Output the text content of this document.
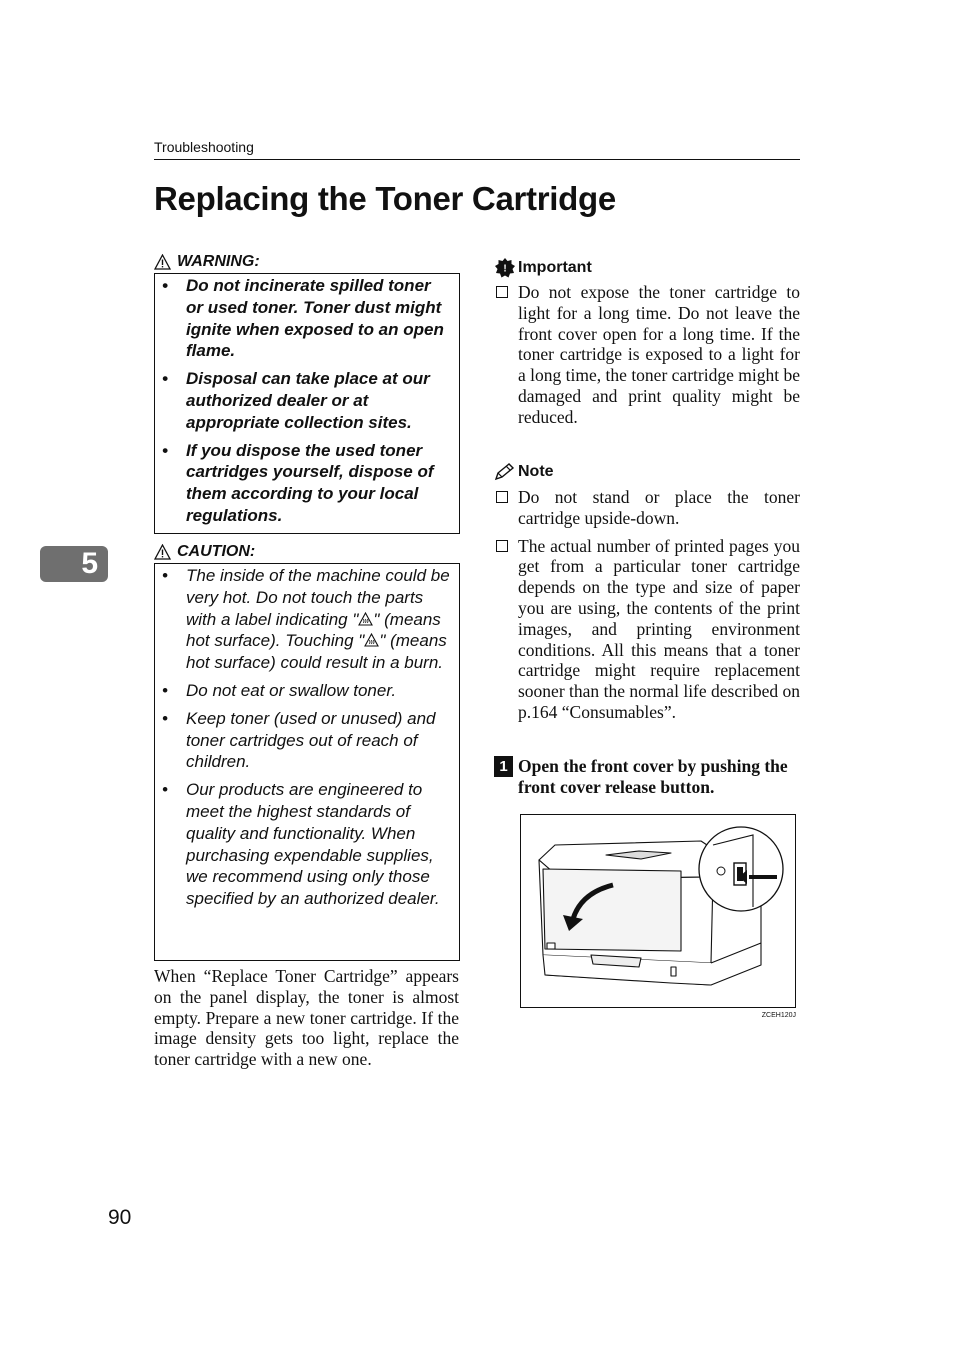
Troubleshooting
Replacing the Toner Cartridge
5
WARNING:
• Do not incinerate spilled toner or used toner. Toner dust might ignite when exposed to an open flame.
• Disposal can take place at our authorized dealer or at appropriate collection sites.
• If you dispose the used toner cartridges yourself, dispose of them according to your local regulations.
CAUTION:
• The inside of the machine could be very hot. Do not touch the parts with a label indicating " " (means hot surface). Touching " " (means hot surface) could result in a burn.
• Do not eat or swallow toner.
• Keep toner (used or unused) and toner cartridges out of reach of children.
• Our products are engineered to meet the highest standards of quality and functionality. When purchasing expendable supplies, we recommend using only those specified by an authorized dealer.

When “Replace Toner Cartridge” appears on the panel display, the toner is almost empty. Prepare a new toner cartridge. If the image density gets too light, replace the toner cartridge with a new one.

! Important
Do not expose the toner cartridge to light for a long time. Do not leave the front cover open for a long time. If the toner cartridge is exposed to a light for a long time, the toner cartridge might be damaged and print quality might be reduced.
Note
Do not stand or place the toner cartridge upside-down.
The actual number of printed pages you get from a particular toner cartridge depends on the type and size of paper you are using, the contents of the print images, and printing environment conditions. All this means that a toner cartridge might require replacement sooner than the normal life described on p.164 “Consumables”.
1 Open the front cover by pushing the front cover release button.

ZCEH120J
90
